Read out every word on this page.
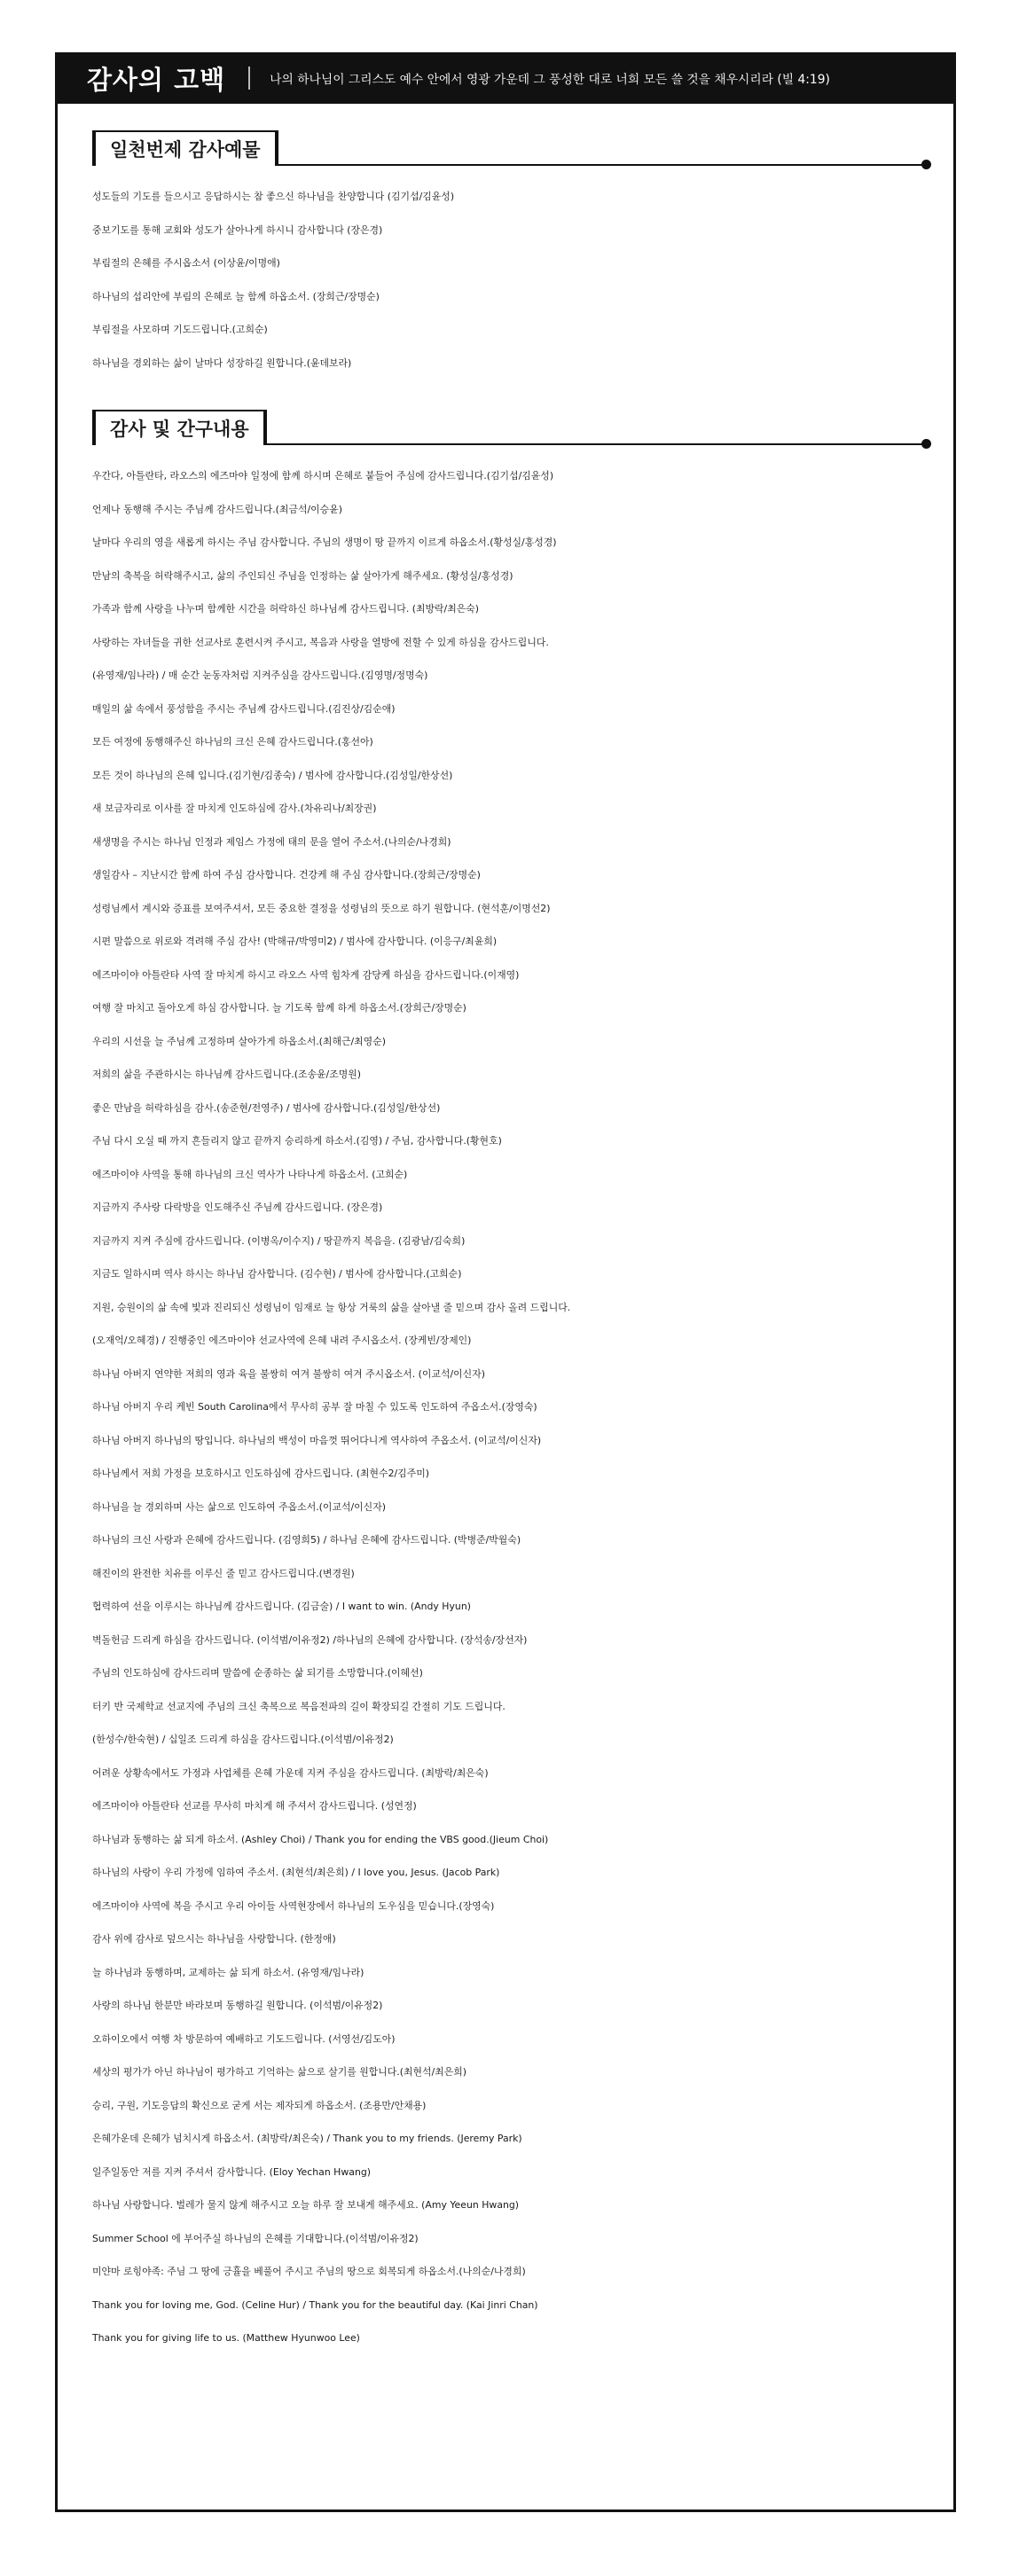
감사의 고백	나의 하나님이 그리스도 예수 안에서 영광 가운데 그 풍성한 대로 너희 모든 쓸 것을 채우시리라 (빌 4:19)
일천번제 감사예물
성도들의 기도를 들으시고 응답하시는 참 좋으신 하나님을 찬양합니다 (김기섭/김윤성)
중보기도를 통해 교회와 성도가 살아나게 하시니 감사합니다 (장은경)
부림절의 은혜를 주시옵소서 (이상윤/이명애)
하나님의 섭리안에 부림의 은혜로 늘 함께 하옵소서. (장희근/장명순)
부림절을 사모하며 기도드립니다.(고희순)
하나님을 경외하는 삶이 날마다 성장하길 원합니다.(윤데보라)
감사 및 간구내용
우간다, 아틀란타, 라오스의 에즈마야 일정에 함께 하시며 은혜로 붙들어 주심에 감사드립니다.(김기섭/김윤성)
언제나 동행해 주시는 주님께 감사드립니다.(최금석/이승윤)
날마다 우리의 영을 새롭게 하시는 주님 감사합니다. 주님의 생명이 땅 끝까지 이르게 하옵소서.(황성실/홍성경)
만남의 축복을 허락해주시고, 삶의 주인되신 주님을 인정하는 삶 살아가게 해주세요. (황성실/홍성경)
가족과 함께 사랑을 나누며 함께한 시간을 허락하신 하나님께 감사드립니다. (최방락/최은숙)
사랑하는 자녀들을 귀한 선교사로 훈련시켜 주시고, 복음과 사랑을 열방에 전할 수 있게 하심을 감사드립니다.
(유영재/임나라) / 매 순간 눈동자처럼 지켜주심을 감사드립니다.(김영명/정명숙)
매일의 삶 속에서 풍성함을 주시는 주님께 감사드립니다.(김진상/김순애)
모든 여정에 동행해주신 하나님의 크신 은혜 감사드립니다.(홍선아)
모든 것이 하나님의 은혜 입니다.(김기현/김종숙) / 범사에 감사합니다.(김성일/한상선)
새 보금자리로 이사를 잘 마치게 인도하심에 감사.(차유리나/최장권)
새생명을 주시는 하나님 인정과 제임스 가정에 태의 문을 열어 주소서.(나의순/나경희)
생일감사 – 지난시간 함께 하여 주심 감사합니다. 건강케 해 주심 감사합니다.(장희근/장명순)
성령님께서 계시와 증표를 보여주셔서, 모든 중요한 결정을 성령님의 뜻으로 하기 원합니다. (현석훈/이명선2)
시편 말씀으로 위로와 격려해 주심 감사! (박해규/박영미2) / 범사에 감사합니다. (이응구/최윤희)
에즈마이야 아틀란타 사역 잘 마치게 하시고 라오스 사역 힘차게 감당케 하심을 감사드립니다.(이재영)
여행 잘 마치고 돌아오게 하심 감사합니다. 늘 기도록 함께 하게 하옵소서.(장희근/장명순)
우리의 시선을 늘 주님께 고정하며 살아가게 하옵소서.(최해근/최영순)
저희의 삶을 주관하시는 하나님께 감사드립니다.(조송윤/조명원)
좋은 만남을 허락하심을 감사.(송준현/전영주) / 범사에 감사합니다.(김성일/한상선)
주님 다시 오실 때 까지 흔들리지 않고 끝까지 승리하게 하소서.(김영) / 주님, 감사합니다.(황현호)
에즈마이야 사역을 통해 하나님의 크신 역사가 나타나게 하옵소서. (고희순)
지금까지 주사랑 다락방을 인도해주신 주님께 감사드립니다. (장은경)
지금까지 지켜 주심에 감사드립니다. (이병옥/이수지) / 땅끝까지 복음을. (김광남/김숙희)
지금도 일하시며 역사 하시는 하나님 감사합니다. (김수현) / 범사에 감사합니다.(고희순)
지원, 승원이의 삶 속에 빛과 진리되신 성령님이 임재로 늘 항상 거룩의 삶을 살아낼 줄 믿으며 감사 올려 드립니다.
(오재억/오혜경) / 진행중인 에즈마이야 선교사역에 은혜 내려 주시옵소서. (장케빈/장제인)
하나님 아버지 연약한 저희의 영과 육을 불쌍히 여겨 불쌍히 여겨 주시옵소서. (이교석/이신자)
하나님 아버지 우리 케빈 South Carolina에서 무사히 공부 잘 마칠 수 있도록 인도하여 주옵소서.(장영숙)
하나님 아버지 하나님의 땅입니다. 하나님의 백성이 마음껏 뛰어다니게 역사하여 주옵소서. (이교석/이신자)
하나님께서 저희 가정을 보호하시고 인도하심에 감사드립니다. (최현수2/김주미)
하나님을 늘 경외하며 사는 삶으로 인도하여 주옵소서.(이교석/이신자)
하나님의 크신 사랑과 은혜에 감사드립니다. (김영희5) / 하나님 은혜에 감사드립니다. (박병준/박월숙)
해진이의 완전한 치유를 이루신 줄 믿고 감사드립니다.(변경원)
협력하여 선을 이루시는 하나님께 감사드립니다. (김금술) / I want to win. (Andy Hyun)
벽돌헌금 드리게 하심을 감사드립니다. (이석범/이유정2) /하나님의 은혜에 감사합니다. (장석송/장선자)
주님의 인도하심에 감사드리며 말씀에 순종하는 삶 되기를 소망합니다.(이혜선)
터키 반 국제학교 선교지에 주님의 크신 축복으로 복음전파의 길이 확장되길 간절히 기도 드립니다.
(한성수/한숙현) / 십일조 드리게 하심을 감사드립니다.(이석범/이유정2)
어려운 상황속에서도 가정과 사업체를 은혜 가운데 지켜 주심을 감사드립니다. (최방락/최은숙)
에즈마이야 아틀란타 선교를 무사히 마치게 해 주셔서 감사드립니다. (성연정)
하나님과 동행하는 삶 되게 하소서. (Ashley Choi) / Thank you for ending the VBS good.(Jieum Choi)
하나님의 사랑이 우리 가정에 임하여 주소서. (최현석/최은희) / I love you, Jesus. (Jacob Park)
에즈마이야 사역에 복을 주시고 우리 아이들 사역현장에서 하나님의 도우심을 믿습니다.(장영숙)
감사 위에 감사로 덮으시는 하나님을 사랑합니다. (한정애)
늘 하나님과 동행하며, 교제하는 삶 되게 하소서. (유영재/임나라)
사랑의 하나님 한분만 바라보며 동행하길 원합니다. (이석범/이유정2)
오하이오에서 여행 차 방문하여 예배하고 기도드립니다. (서영선/김도아)
세상의 평가가 아닌 하나님이 평가하고 기억하는 삶으로 살기를 원합니다.(최현석/최은희)
승리, 구원, 기도응답의 확신으로 굳게 서는 제자되게 하옵소서. (조용만/안채용)
은혜가운데 은혜가 넘치시게 하옵소서. (최방락/최은숙) / Thank you to my friends. (Jeremy Park)
일주일동안 저를 지켜 주셔서 감사합니다. (Eloy Yechan Hwang)
하나님 사랑합니다. 벌레가 물지 않게 해주시고 오늘 하루 잘 보내게 해주세요. (Amy Yeeun Hwang)
Summer School 에 부어주실 하나님의 은혜를 기대합니다.(이석범/이유정2)
미얀마 로힝야족: 주님 그 땅에 긍휼을 베풀어 주시고 주님의 땅으로 회복되게 하옵소서.(나의순/나경희)
Thank you for loving me, God. (Celine Hur) / Thank you for the beautiful day. (Kai Jinri Chan)
Thank you for giving life to us. (Matthew Hyunwoo Lee)
